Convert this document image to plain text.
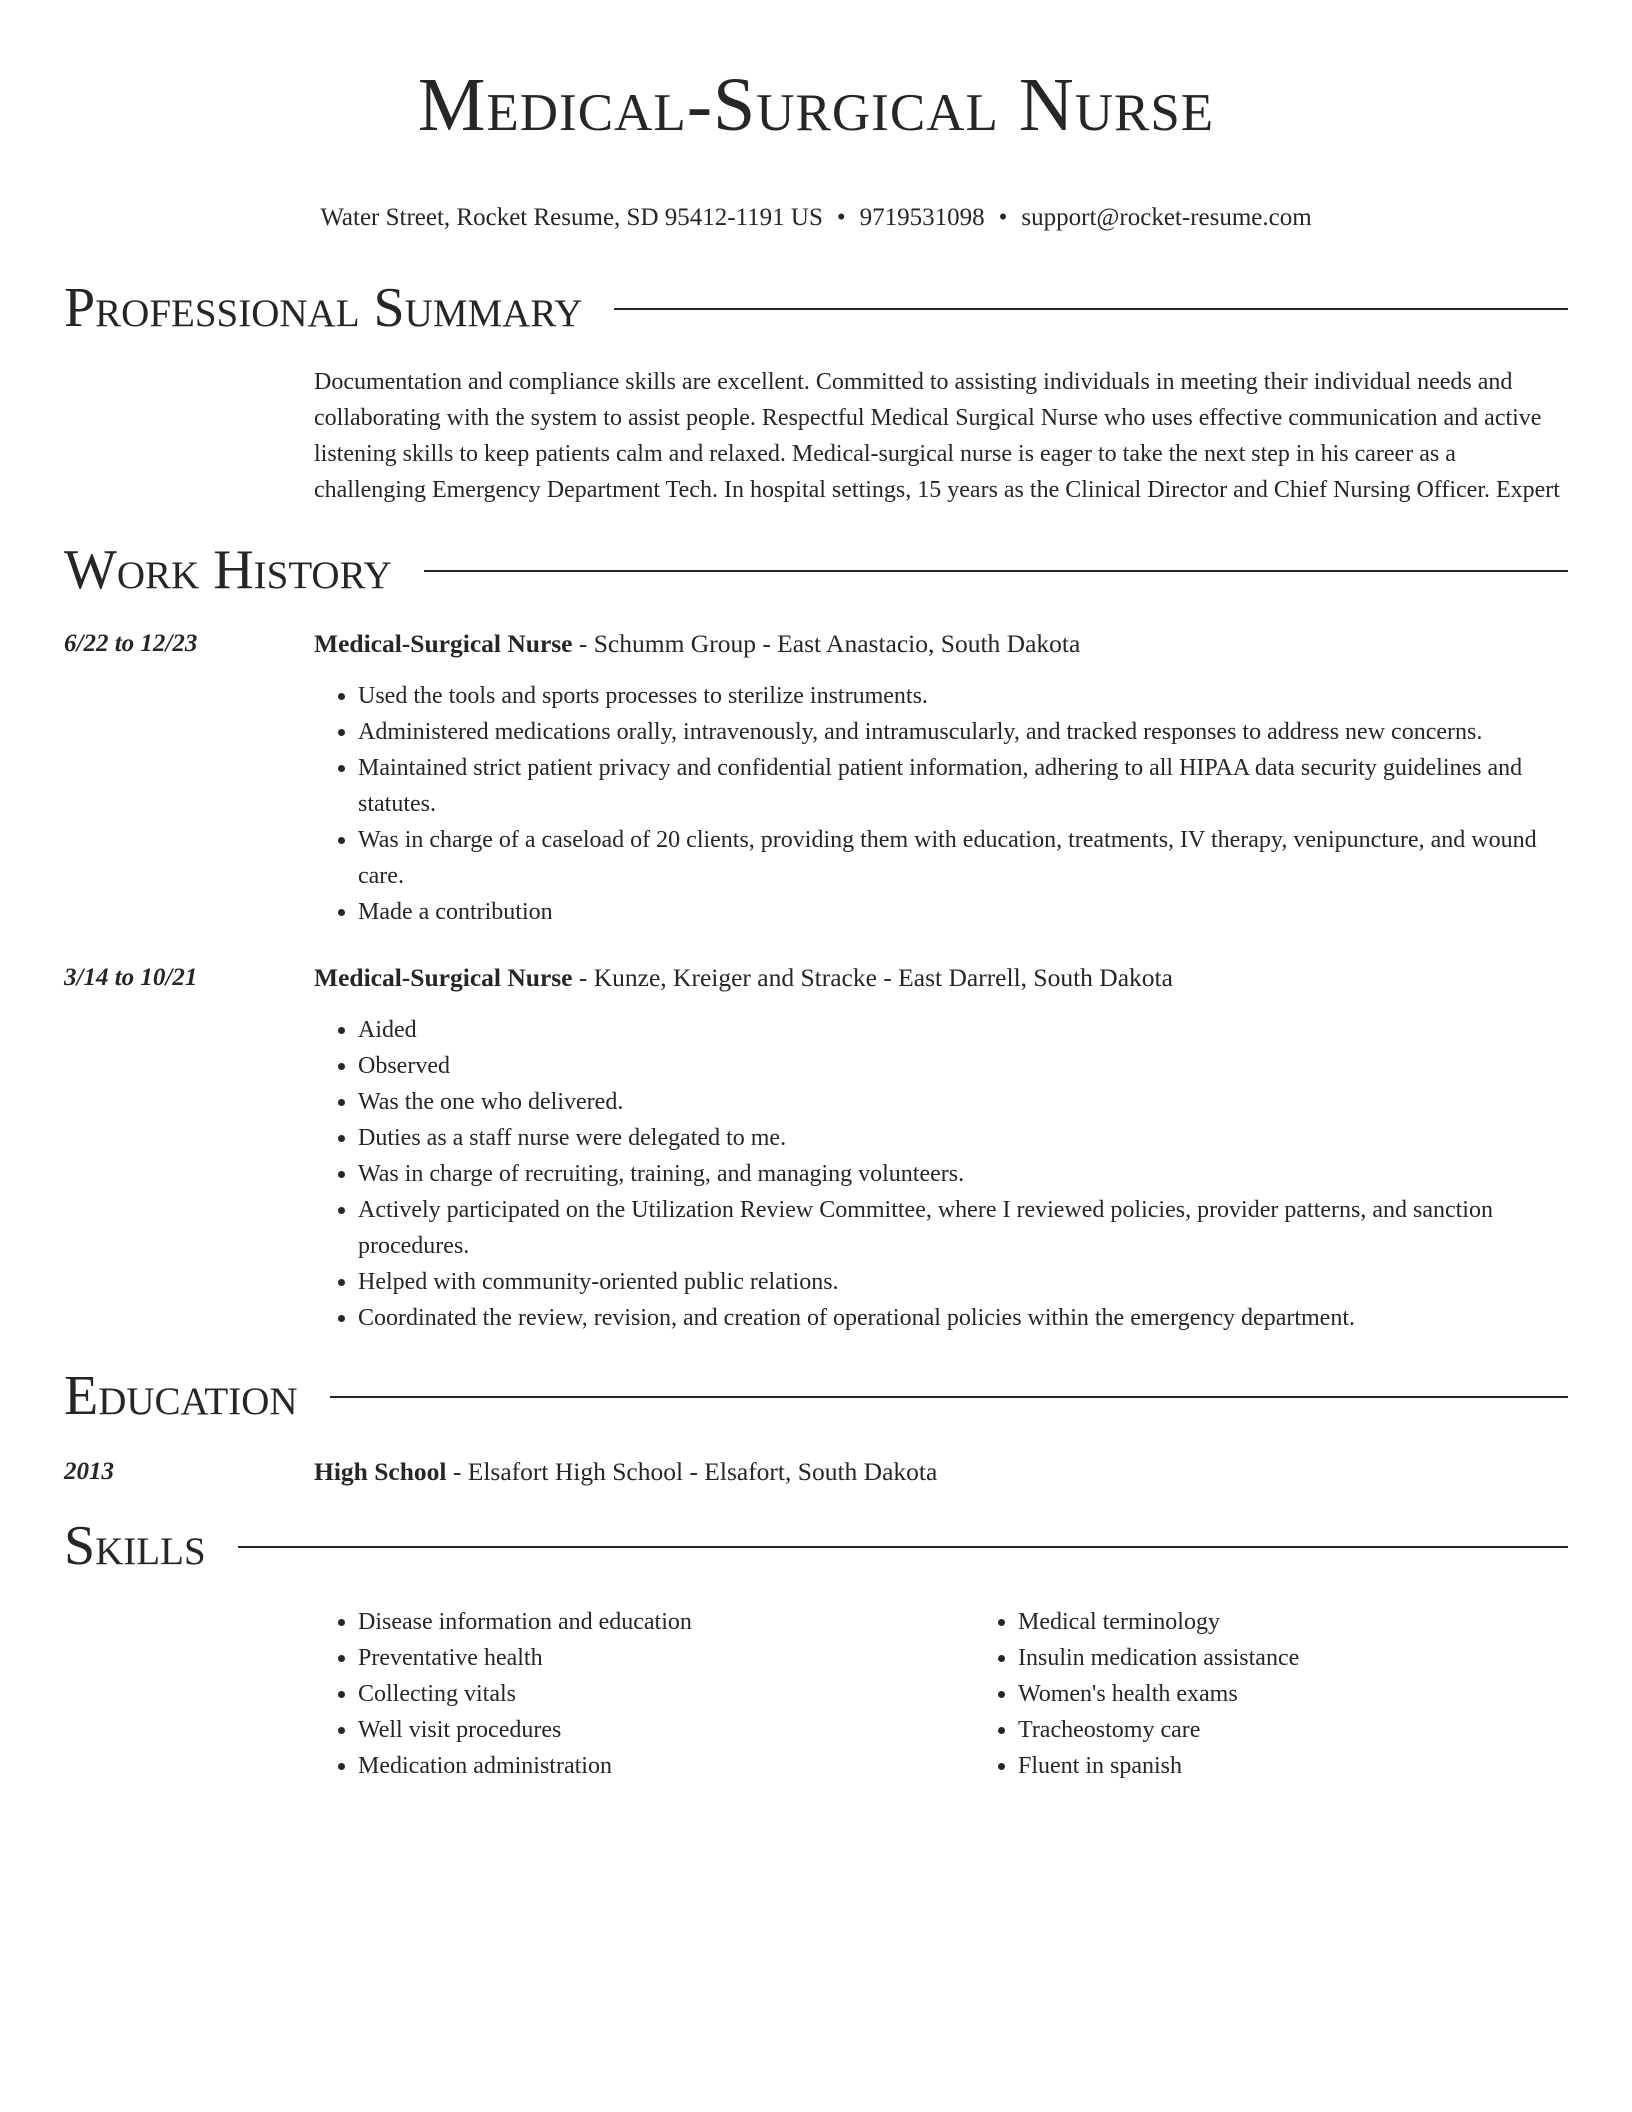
Medical-Surgical Nurse
Water Street, Rocket Resume, SD 95412-1191 US • 9719531098 • support@rocket-resume.com
Professional Summary
Documentation and compliance skills are excellent. Committed to assisting individuals in meeting their individual needs and collaborating with the system to assist people. Respectful Medical Surgical Nurse who uses effective communication and active listening skills to keep patients calm and relaxed. Medical-surgical nurse is eager to take the next step in his career as a challenging Emergency Department Tech. In hospital settings, 15 years as the Clinical Director and Chief Nursing Officer. Expert
Work History
6/22 to 12/23	Medical-Surgical Nurse - Schumm Group - East Anastacio, South Dakota
• Used the tools and sports processes to sterilize instruments.
• Administered medications orally, intravenously, and intramuscularly, and tracked responses to address new concerns.
• Maintained strict patient privacy and confidential patient information, adhering to all HIPAA data security guidelines and statutes.
• Was in charge of a caseload of 20 clients, providing them with education, treatments, IV therapy, venipuncture, and wound care.
• Made a contribution
3/14 to 10/21	Medical-Surgical Nurse - Kunze, Kreiger and Stracke - East Darrell, South Dakota
• Aided
• Observed
• Was the one who delivered.
• Duties as a staff nurse were delegated to me.
• Was in charge of recruiting, training, and managing volunteers.
• Actively participated on the Utilization Review Committee, where I reviewed policies, provider patterns, and sanction procedures.
• Helped with community-oriented public relations.
• Coordinated the review, revision, and creation of operational policies within the emergency department.
Education
2013	High School - Elsafort High School - Elsafort, South Dakota
Skills
• Disease information and education
• Preventative health
• Collecting vitals
• Well visit procedures
• Medication administration
• Medical terminology
• Insulin medication assistance
• Women's health exams
• Tracheostomy care
• Fluent in spanish
